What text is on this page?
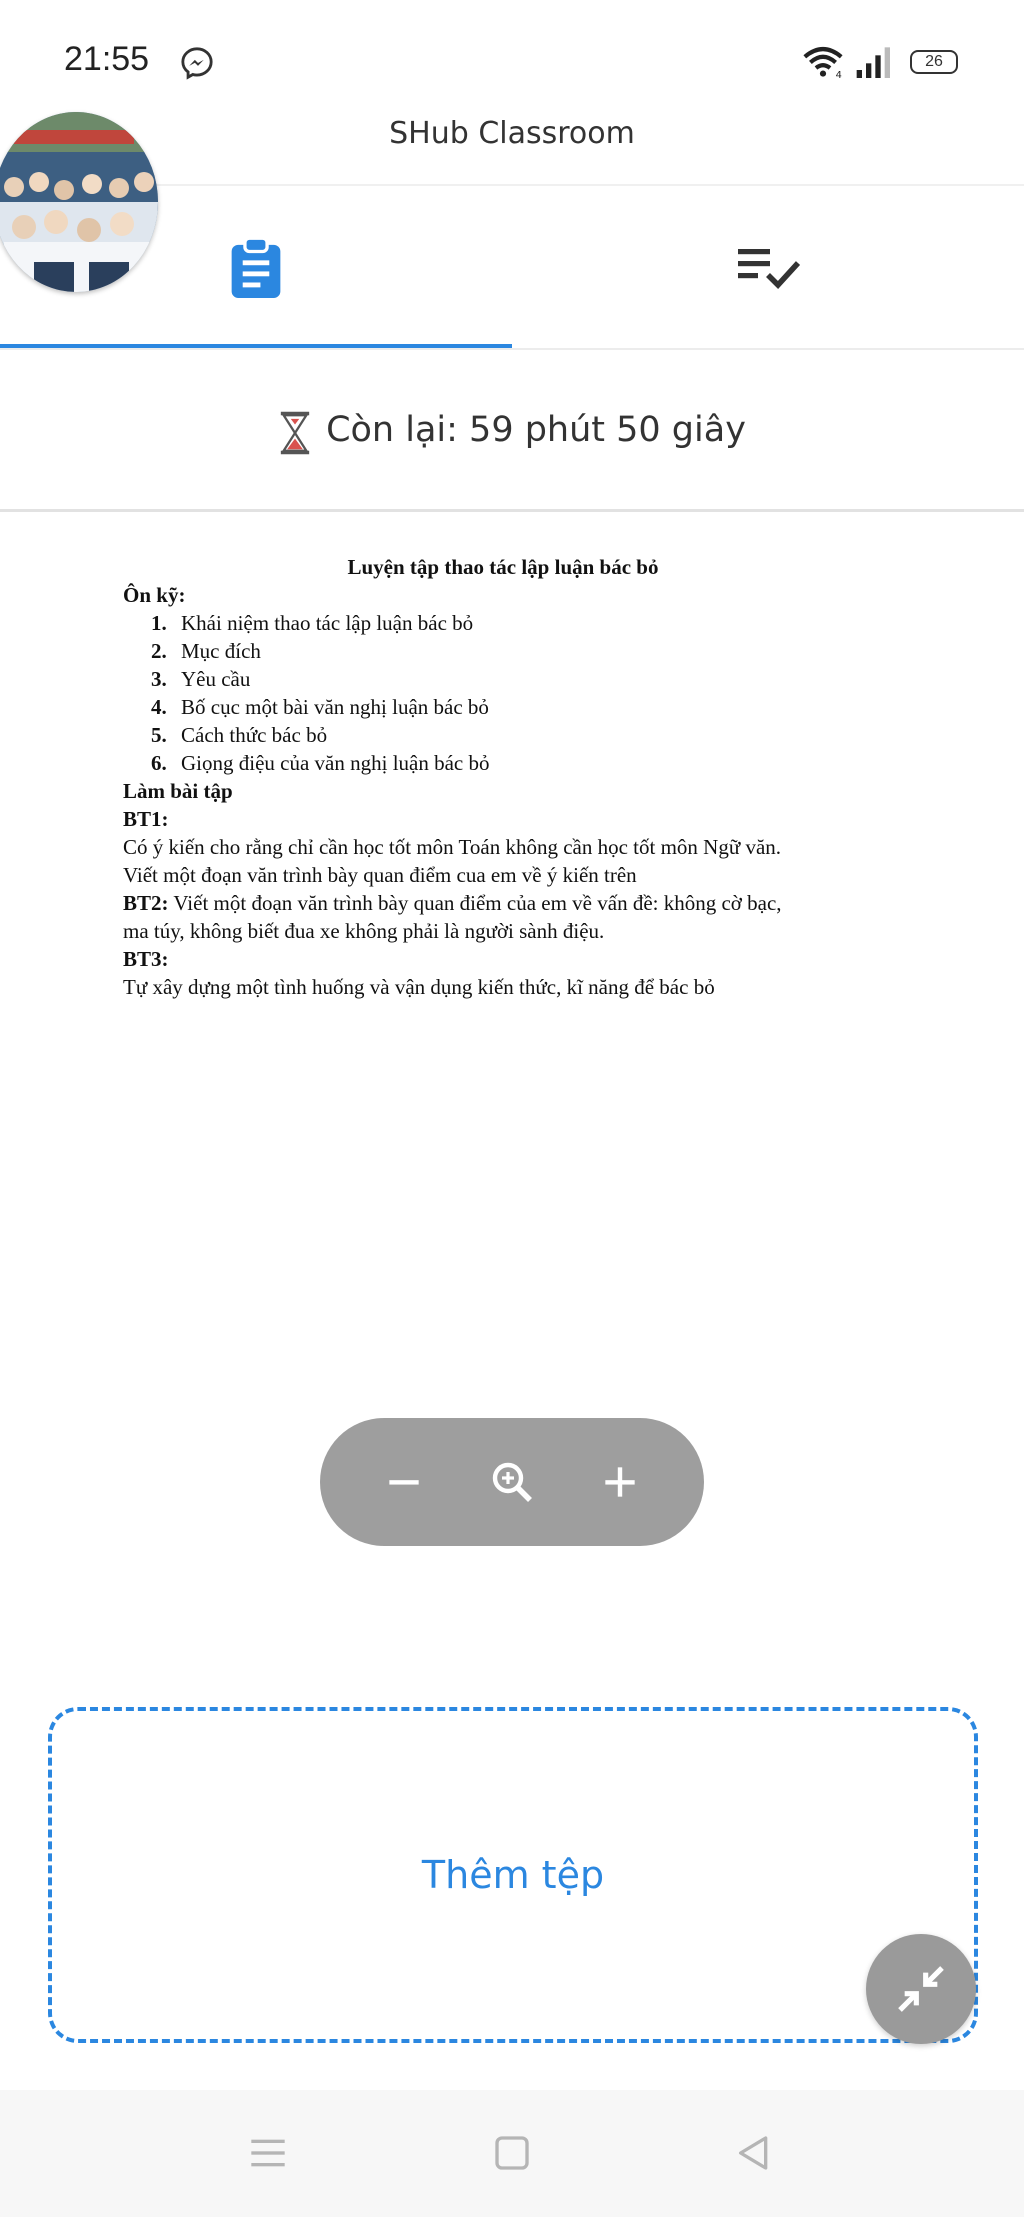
21:55	4
26
SHub Classroom
Còn lại: 59 phút 50 giây
Luyện tập thao tác lập luận bác bỏ
Ôn kỹ:
1. Khái niệm thao tác lập luận bác bỏ
2. Mục đích
3. Yêu cầu
4. Bố cục một bài văn nghị luận bác bỏ
5. Cách thức bác bỏ
6. Giọng điệu của văn nghị luận bác bỏ
Làm bài tập
BT1:
Có ý kiến cho rằng chỉ cần học tốt môn Toán không cần học tốt môn Ngữ văn.
Viết một đoạn văn trình bày quan điểm cua em về ý kiến trên
BT2: Viết một đoạn văn trình bày quan điểm của em về vấn đề: không cờ bạc,
ma túy, không biết đua xe không phải là người sành điệu.
BT3:
Tự xây dựng một tình huống và vận dụng kiến thức, kĩ năng để bác bỏ
Thêm tệp
